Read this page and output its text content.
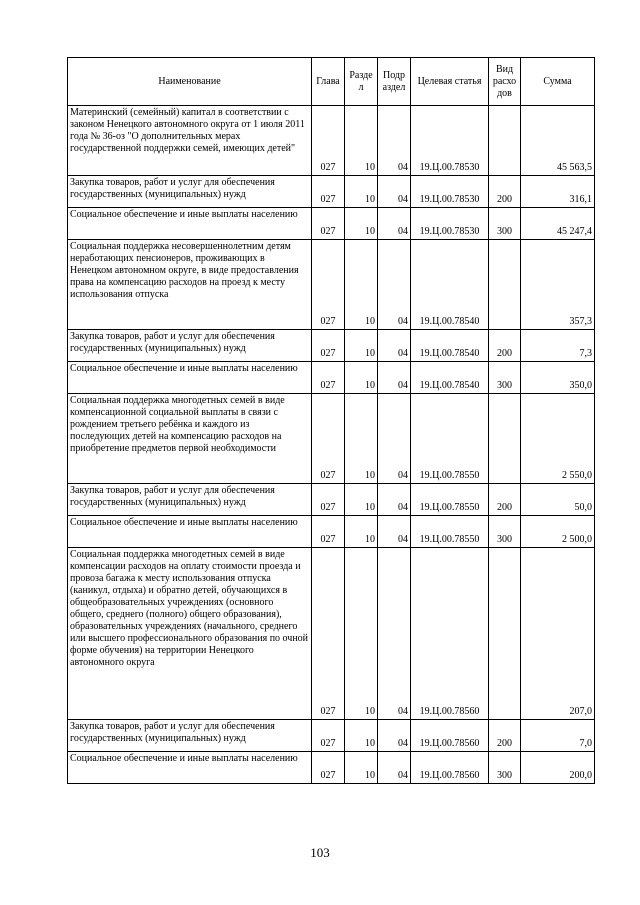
Наименование	Глава	Разде л	Подр аздел	Целевая статья	Вид расхо дов	Сумма
Материнский (семейный) капитал в соответствии с законом Ненецкого автономного округа от 1 июля 2011 года № 36-оз "О дополнительных мерах государственной поддержки семей, имеющих детей"	027	10	04	19.Ц.00.78530		45 563,5
Закупка товаров, работ и услуг для обеспечения государственных (муниципальных) нужд	027	10	04	19.Ц.00.78530	200	316,1
Социальное обеспечение и иные выплаты населению	027	10	04	19.Ц.00.78530	300	45 247,4
Социальная поддержка несовершеннолетним детям неработающих пенсионеров, проживающих в Ненецком автономном округе, в виде предоставления права на компенсацию расходов на проезд к месту использования отпуска	027	10	04	19.Ц.00.78540		357,3
Закупка товаров, работ и услуг для обеспечения государственных (муниципальных) нужд	027	10	04	19.Ц.00.78540	200	7,3
Социальное обеспечение и иные выплаты населению	027	10	04	19.Ц.00.78540	300	350,0
Социальная поддержка многодетных семей в виде компенсационной социальной выплаты в связи с рождением третьего ребёнка и каждого из последующих детей на компенсацию расходов на приобретение предметов первой необходимости	027	10	04	19.Ц.00.78550		2 550,0
Закупка товаров, работ и услуг для обеспечения государственных (муниципальных) нужд	027	10	04	19.Ц.00.78550	200	50,0
Социальное обеспечение и иные выплаты населению	027	10	04	19.Ц.00.78550	300	2 500,0
Социальная поддержка многодетных семей в виде компенсации расходов на оплату стоимости проезда и провоза багажа к месту использования отпуска (каникул, отдыха) и обратно детей, обучающихся в общеобразовательных учреждениях (основного общего, среднего (полного) общего образования), образовательных учреждениях (начального, среднего или высшего профессионального образования по очной форме обучения) на территории Ненецкого автономного округа	027	10	04	19.Ц.00.78560		207,0
Закупка товаров, работ и услуг для обеспечения государственных (муниципальных) нужд	027	10	04	19.Ц.00.78560	200	7,0
Социальное обеспечение и иные выплаты населению	027	10	04	19.Ц.00.78560	300	200,0
103
